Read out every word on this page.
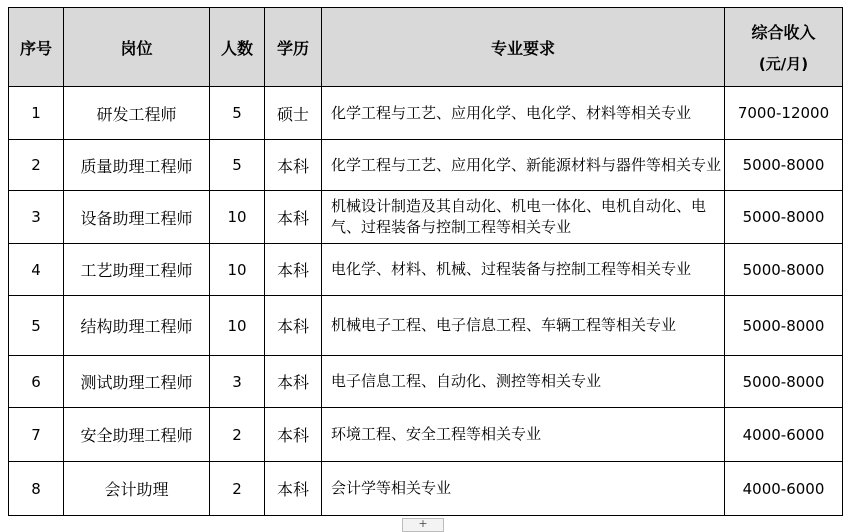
序号	岗位	人数	学历	专业要求	综合收入
(元/月)

1	研发工程师	5	硕士	化学工程与工艺、应用化学、电化学、材料等相关专业	7000-12000
2	质量助理工程师	5	本科	化学工程与工艺、应用化学、新能源材料与器件等相关专业	5000-8000
3	设备助理工程师	10	本科	机械设计制造及其自动化、机电一体化、电机自动化、电气、过程装备与控制工程等相关专业	5000-8000
4	工艺助理工程师	10	本科	电化学、材料、机械、过程装备与控制工程等相关专业	5000-8000
5	结构助理工程师	10	本科	机械电子工程、电子信息工程、车辆工程等相关专业	5000-8000
6	测试助理工程师	3	本科	电子信息工程、自动化、测控等相关专业	5000-8000
7	安全助理工程师	2	本科	环境工程、安全工程等相关专业	4000-6000
8	会计助理	2	本科	会计学等相关专业	4000-6000
+
